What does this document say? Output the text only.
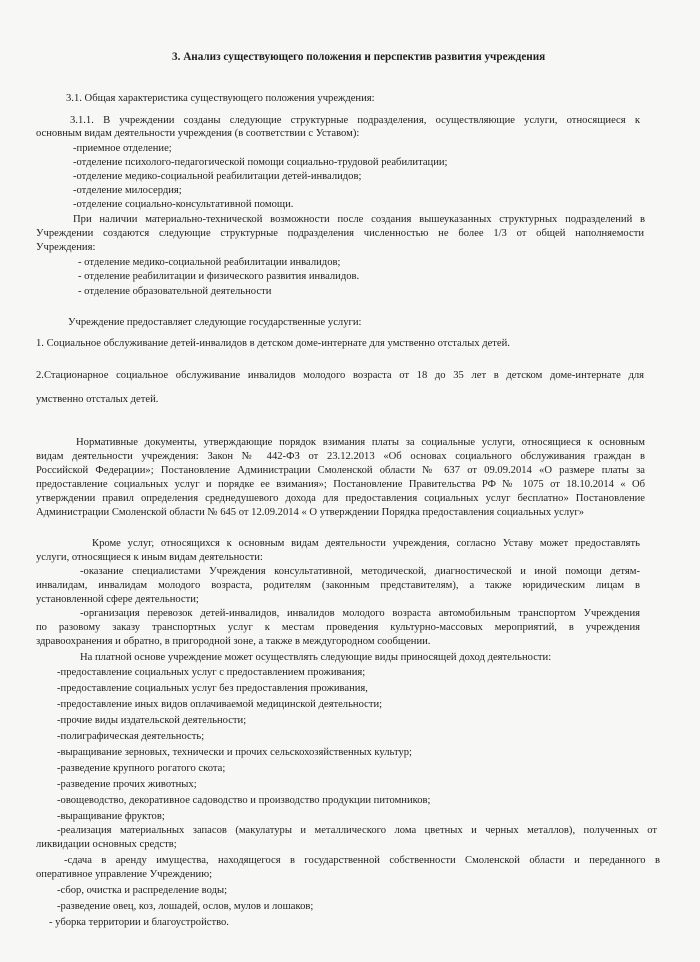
3. Анализ существующего положения и перспектив развития учреждения
3.1. Общая характеристика существующего положения учреждения:
3.1.1. В учреждении созданы следующие структурные подразделения, осуществляющие услуги, относящиеся к
основным видам деятельности учреждения (в соответствии с Уставом):
-приемное отделение;
-отделение психолого-педагогической помощи социально-трудовой реабилитации;
-отделение медико-социальной реабилитации детей-инвалидов;
-отделение милосердия;
-отделение социально-консультативной помощи.
При наличии материально-технической возможности после создания вышеуказанных структурных подразделений в
Учреждении создаются следующие структурные подразделения численностью не более 1/3 от общей наполняемости
Учреждения:
- отделение медико-социальной реабилитации инвалидов;
- отделение реабилитации и физического развития инвалидов.
- отделение образовательной деятельности
Учреждение предоставляет следующие государственные услуги:
1. Социальное обслуживание детей-инвалидов в детском доме-интернате для умственно отсталых детей.
2.Стационарное социальное обслуживание инвалидов молодого возраста от 18 до 35 лет в детском доме-интернате для
умственно отсталых детей.
Нормативные документы, утверждающие порядок взимания платы за социальные услуги, относящиеся к основным
видам деятельности учреждения: Закон № 442-ФЗ от 23.12.2013 «Об основах социального обслуживания граждан в
Российской Федерации»; Постановление Администрации Смоленской области № 637 от 09.09.2014 «О размере платы за
предоставление социальных услуг и порядке ее взимания»; Постановление Правительства РФ № 1075 от 18.10.2014 « Об
утверждении правил определения среднедушевого дохода для предоставления социальных услуг бесплатно» Постановление
Администрации Смоленской области № 645 от 12.09.2014 « О утверждении Порядка предоставления социальных услуг»
Кроме услуг, относящихся к основным видам деятельности учреждения, согласно Уставу может предоставлять
услуги, относящиеся к иным видам деятельности:
-оказание специалистами Учреждения консультативной, методической, диагностической и иной помощи детям-
инвалидам, инвалидам молодого возраста, родителям (законным представителям), а также юридическим лицам в
установленной сфере деятельности;
-организация перевозок детей-инвалидов, инвалидов молодого возраста автомобильным транспортом Учреждения
по разовому заказу транспортных услуг к местам проведения культурно-массовых мероприятий, в учреждения
здравоохранения и обратно, в пригородной зоне, а также в междугородном сообщении.
На платной основе учреждение может осуществлять следующие виды приносящей доход деятельности:
-предоставление социальных услуг с предоставлением проживания;
-предоставление социальных услуг без предоставления проживания,
-предоставление иных видов оплачиваемой медицинской деятельности;
-прочие виды издательской деятельности;
-полиграфическая деятельность;
-выращивание зерновых, технически и прочих сельскохозяйственных культур;
-разведение крупного рогатого скота;
-разведение прочих животных;
-овощеводство, декоративное садоводство и производство продукции питомников;
-выращивание фруктов;
-реализация материальных запасов (макулатуры и металлического лома цветных и черных металлов), полученных от
ликвидации основных средств;
-сдача в аренду имущества, находящегося в государственной собственности Смоленской области и переданного в
оперативное управление Учреждению;
-сбор, очистка и распределение воды;
-разведение овец, коз, лошадей, ослов, мулов и лошаков;
- уборка территории и благоустройство.
